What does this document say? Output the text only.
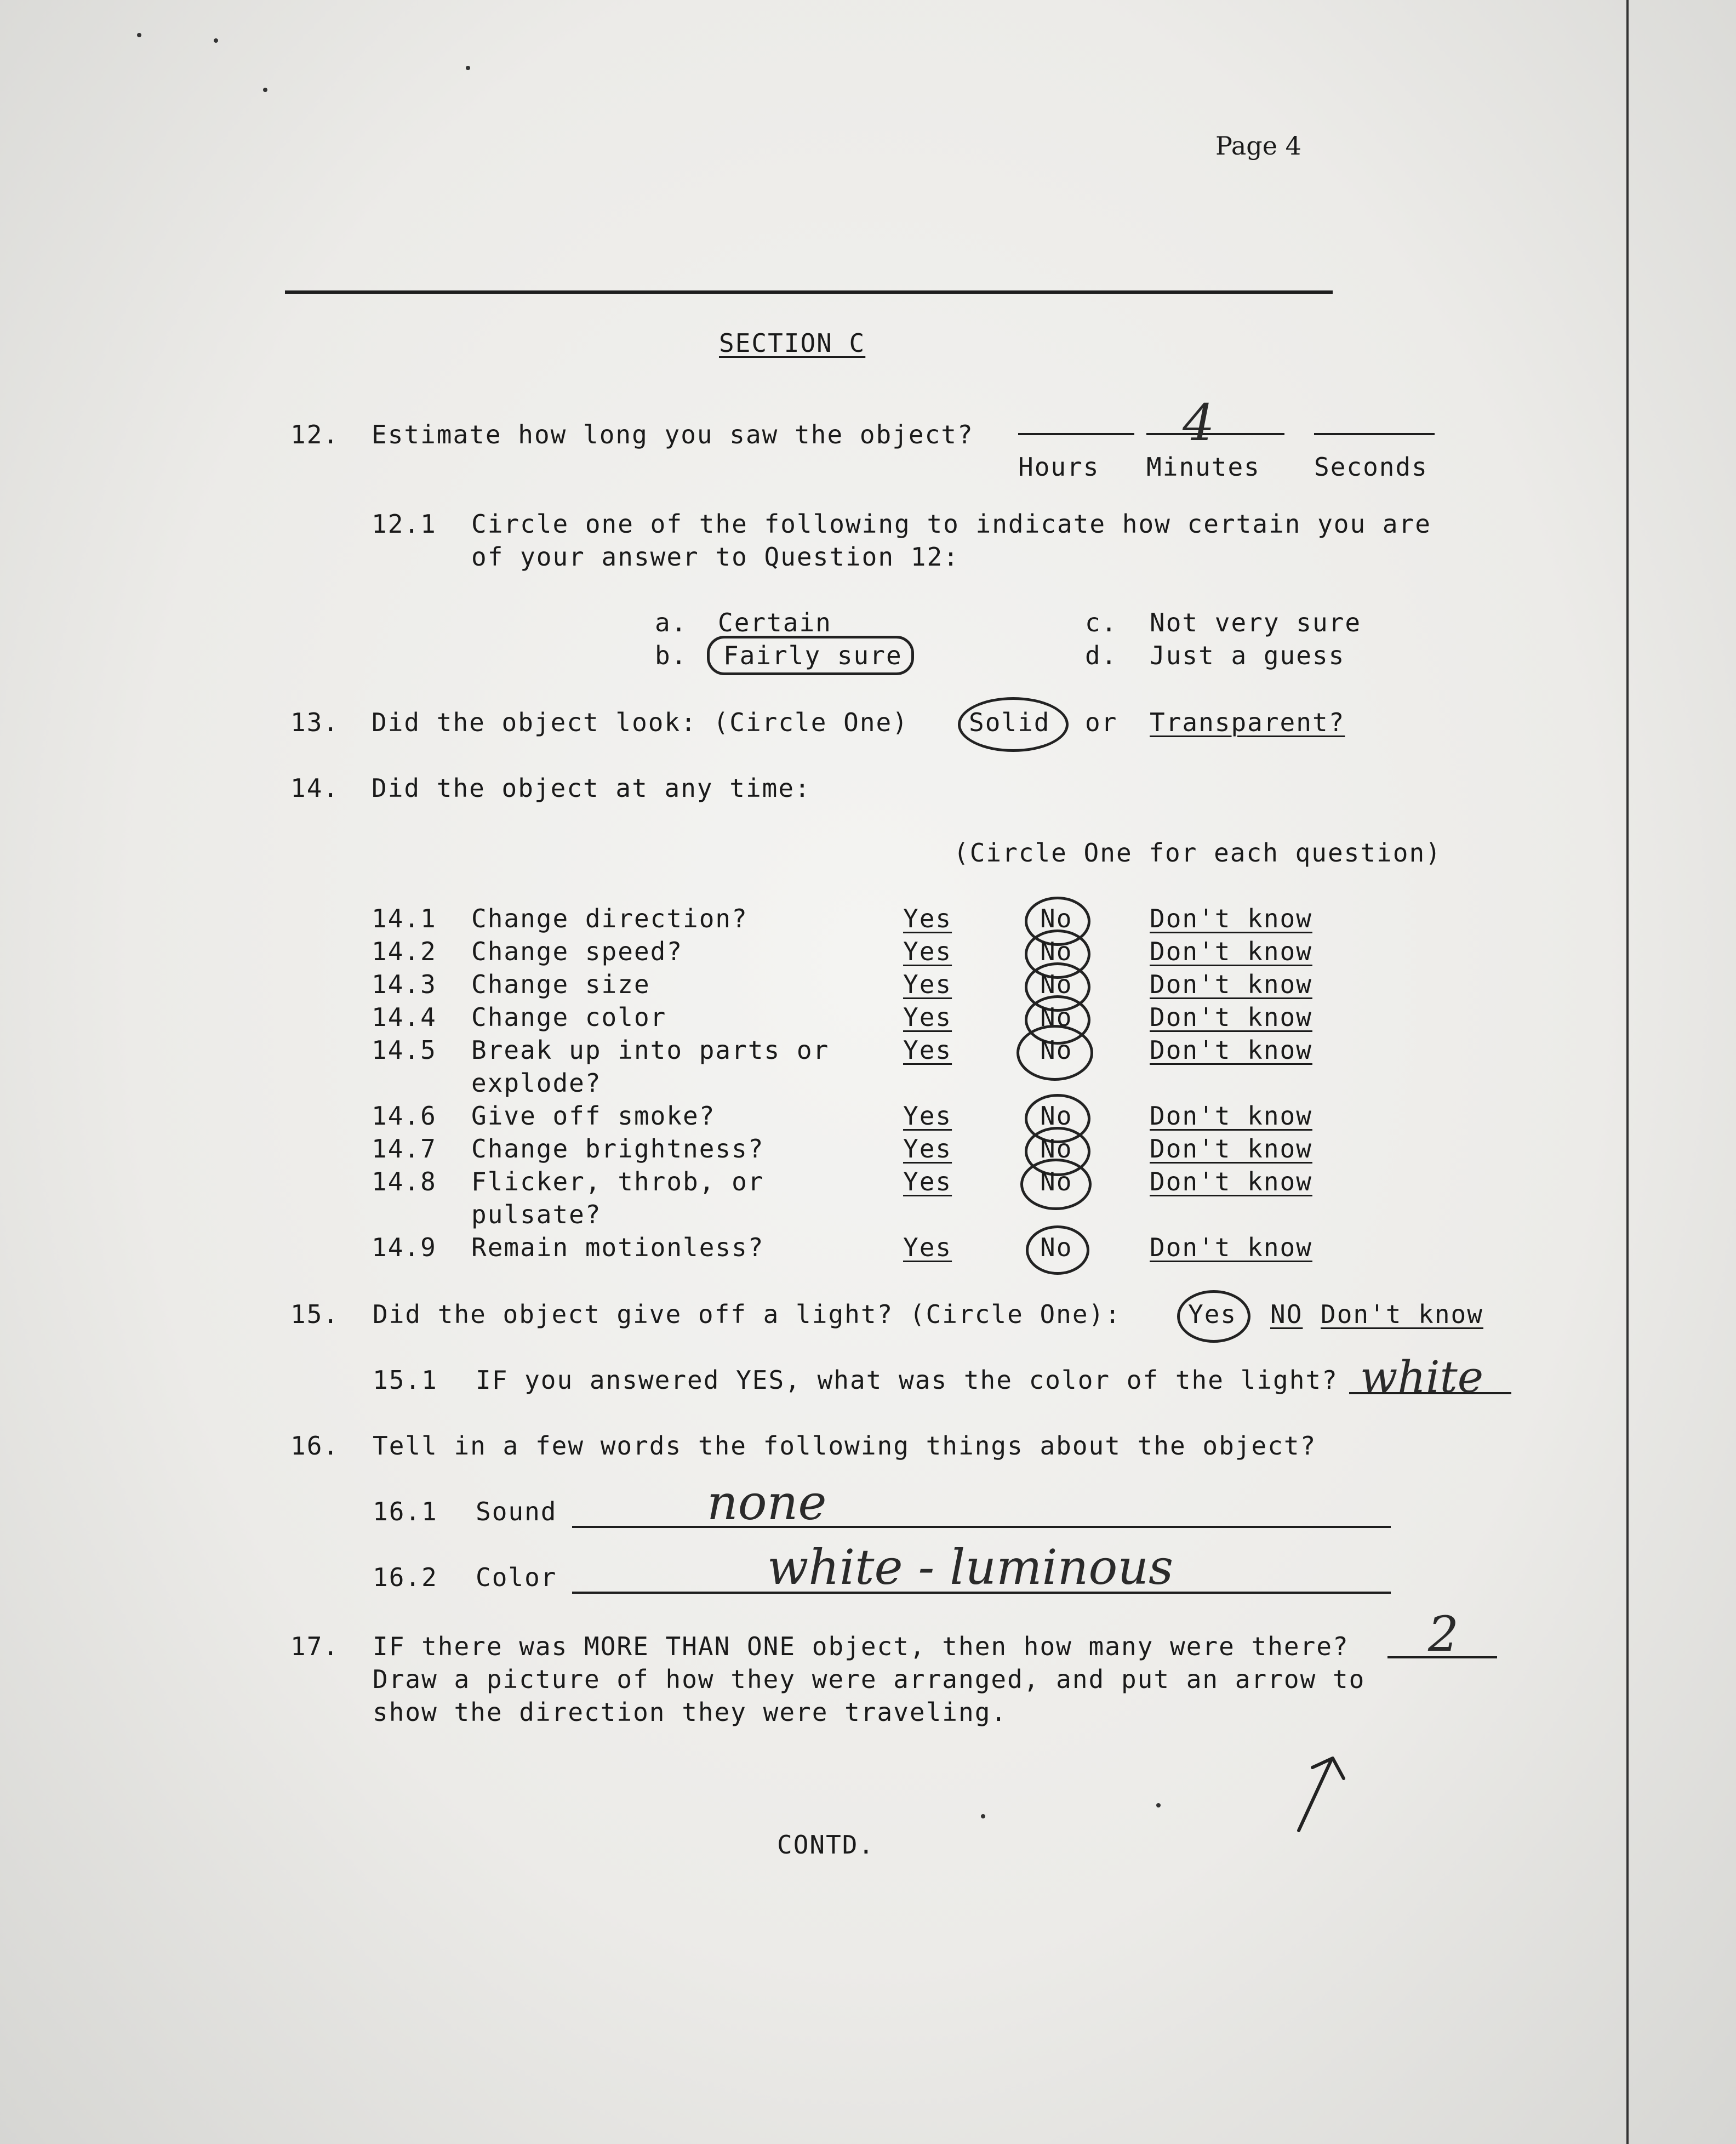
Page 4
SECTION C
12. Estimate how long you saw the object?	4
Hours Minutes Seconds
12.1 Circle one of the following to indicate how certain you are
of your answer to Question 12:
a. Certain
b. Fairly sure
c. Not very sure
d. Just a guess
13. Did the object look: (Circle One) Solid or Transparent?
14. Did the object at any time:
(Circle One for each question)
14.1 Change direction?	Yes	No	Don't know
14.2 Change speed?	Yes	No	Don't know
14.3 Change size	Yes	No	Don't know
14.4 Change color	Yes	No	Don't know
14.5 Break up into parts or
explode?
Yes	No	Don't know
14.6 Give off smoke?	Yes	No	Don't know
14.7 Change brightness?	Yes	No	Don't know
14.8 Flicker, throb, or
pulsate?
Yes	No	Don't know
14.9 Remain motionless?	Yes	No	Don't know
15. Did the object give off a light? (Circle One):	Yes NO Don't know
15.1 IF you answered YES, what was the color of the light? white
16. Tell in a few words the following things about the object?
16.1 Sound	none
16.2 Color	white - luminous
17. IF there was MORE THAN ONE object, then how many were there? 2
Draw a picture of how they were arranged, and put an arrow to
show the direction they were traveling.
CONTD.
